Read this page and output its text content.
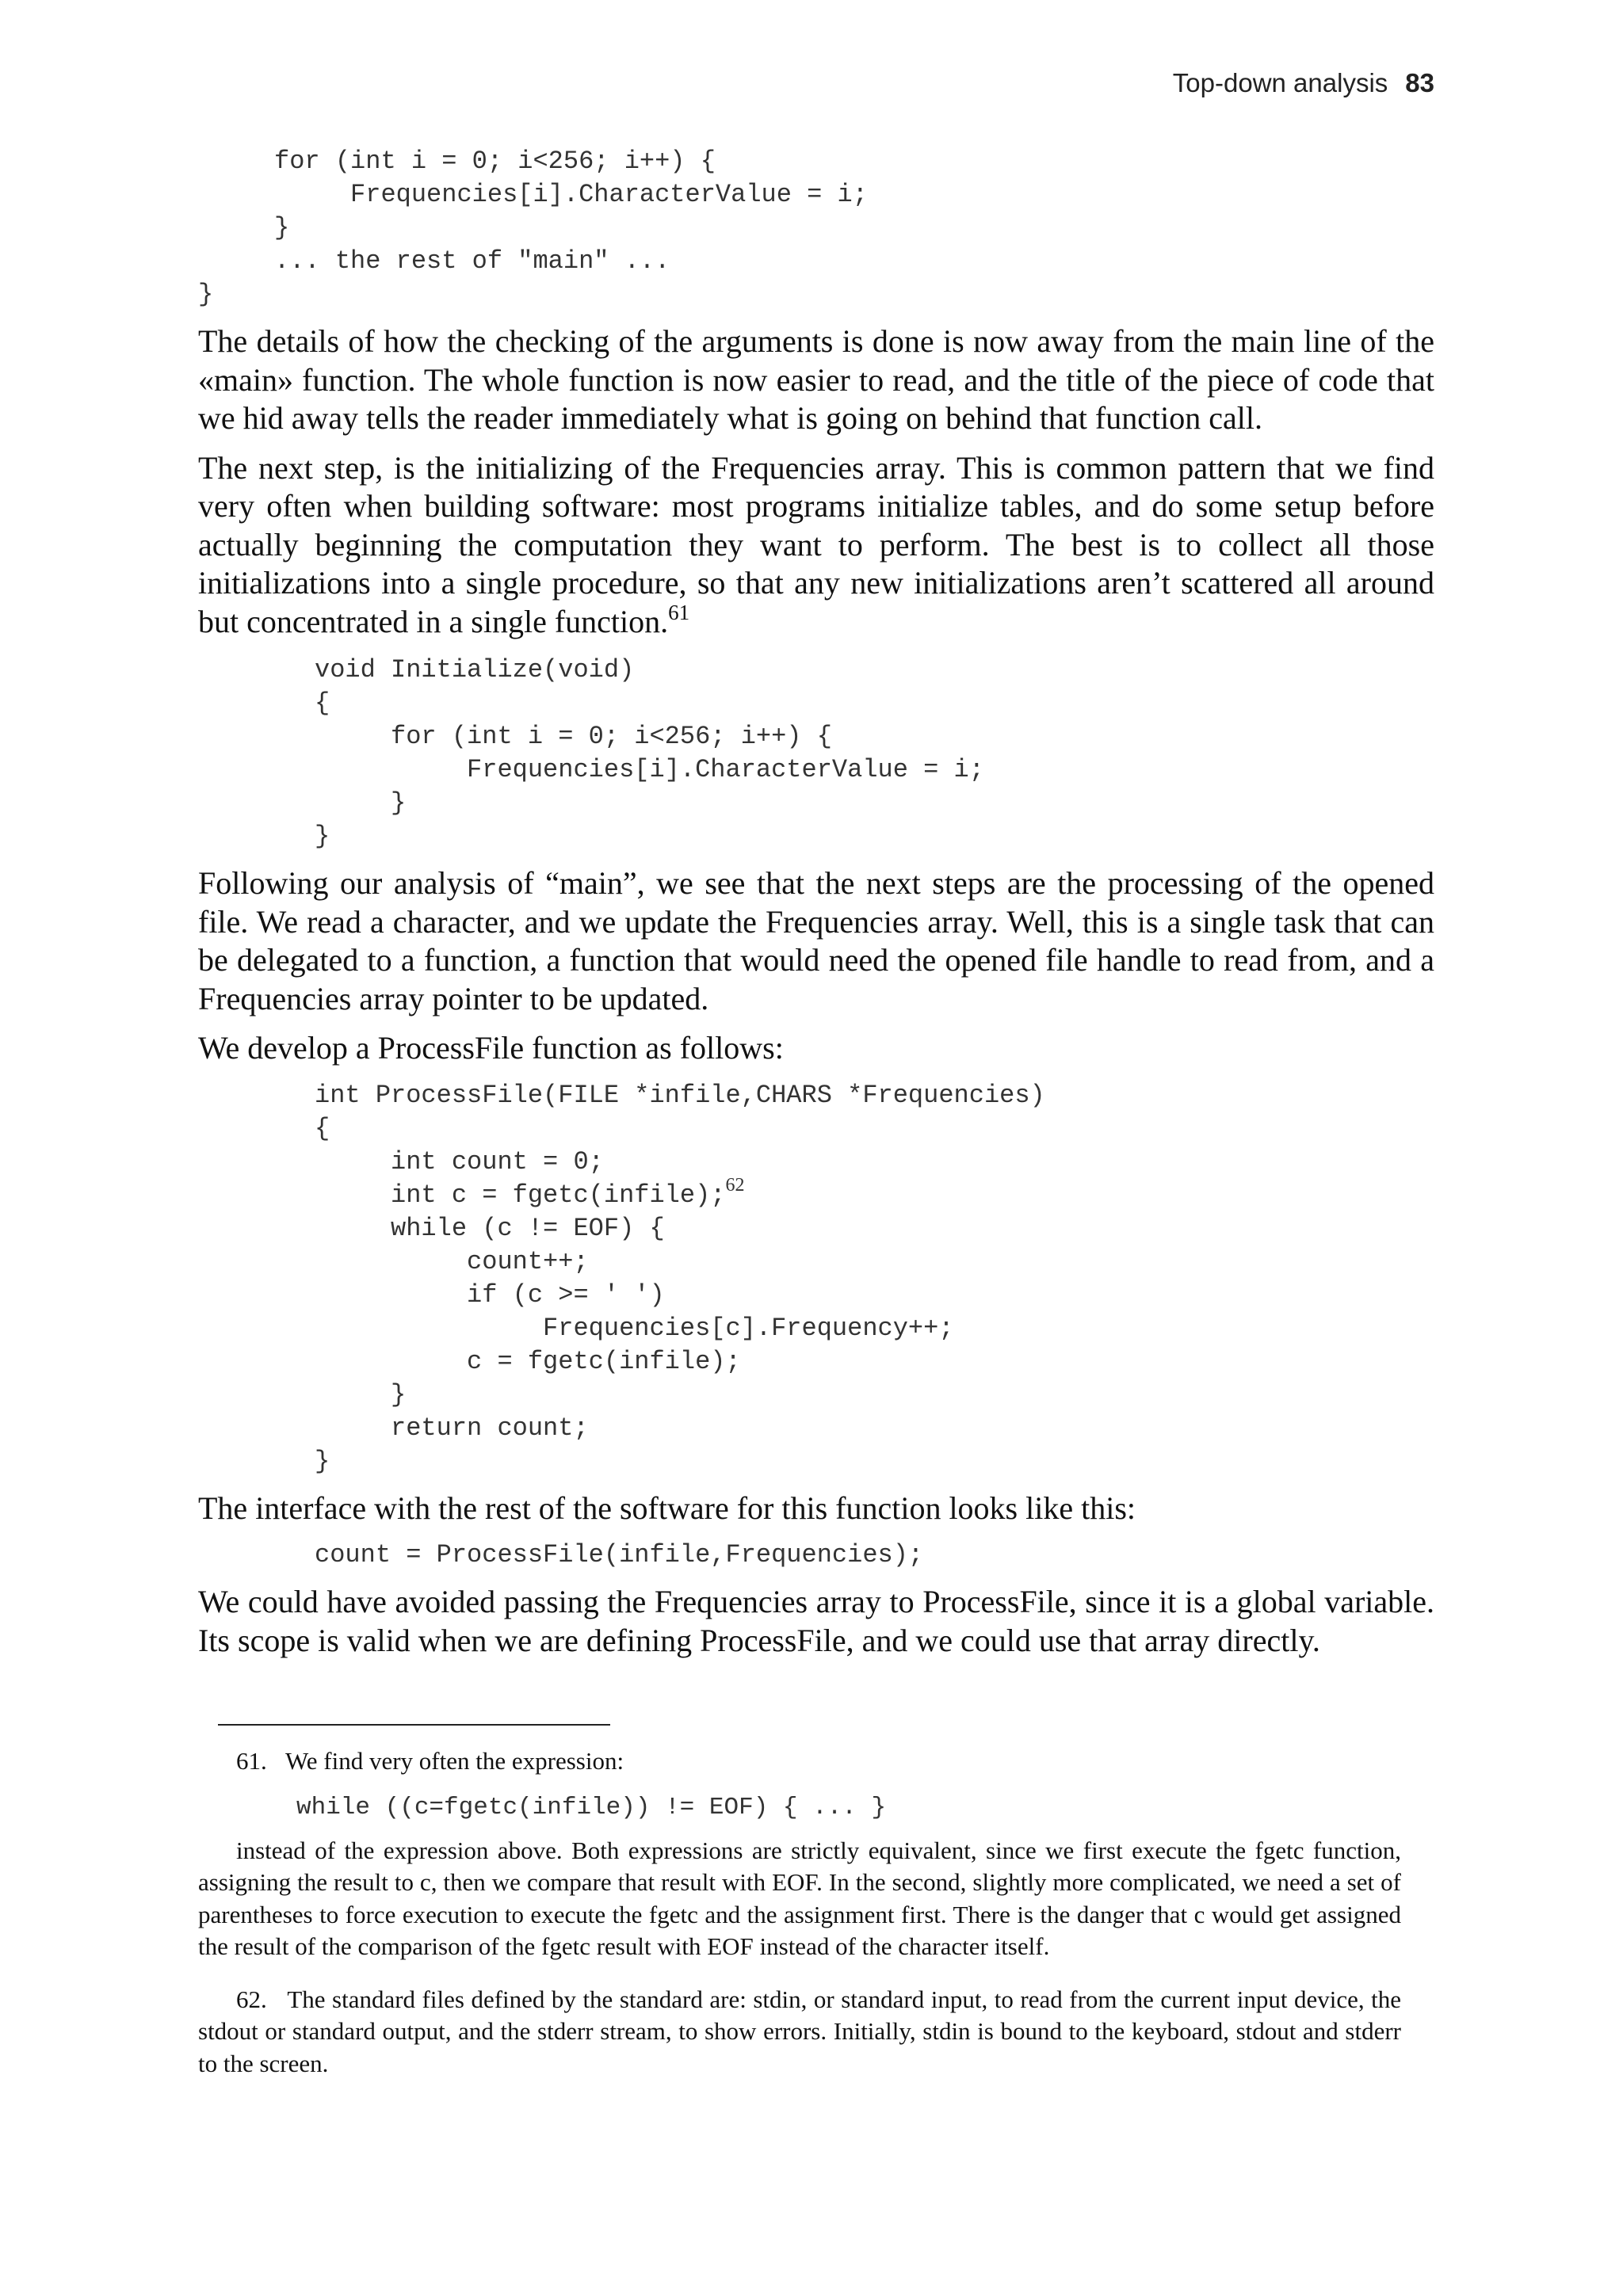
Top-down analysis 83
for (int i = 0; i<256; i++) {
Frequencies[i].CharacterValue = i;
}
... the rest of "main" ...
}

The details of how the checking of the arguments is done is now away from the main line of the «main» function. The whole function is now easier to read, and the title of the piece of code that we hid away tells the reader immediately what is going on behind that function call.

The next step, is the initializing of the Frequencies array. This is common pattern that we find very often when building software: most programs initialize tables, and do some setup before actually beginning the computation they want to perform. The best is to collect all those initializations into a single procedure, so that any new initializations aren’t scattered all around but concentrated in a single function.$^{61}$

void Initialize(void)
{
for (int i = 0; i<256; i++) {
Frequencies[i].CharacterValue = i;
}
}

Following our analysis of “main”, we see that the next steps are the processing of the opened file. We read a character, and we update the Frequencies array. Well, this is a single task that can be delegated to a function, a function that would need the opened file handle to read from, and a Frequencies array pointer to be updated.

We develop a ProcessFile function as follows:

int ProcessFile(FILE *infile,CHARS *Frequencies)
{
int count = 0;
int c = fgetc(infile);$^{62}$
while (c != EOF) {
count++;
if (c >= ' ')
Frequencies[c].Frequency++;
c = fgetc(infile);
}
return count;
}

The interface with the rest of the software for this function looks like this:

count = ProcessFile(infile,Frequencies);

We could have avoided passing the Frequencies array to ProcessFile, since it is a global variable. Its scope is valid when we are defining ProcessFile, and we could use that array directly.

61. We find very often the expression:

while ((c=fgetc(infile)) != EOF) { ... }

instead of the expression above. Both expressions are strictly equivalent, since we first execute the fgetc function, assigning the result to c, then we compare that result with EOF. In the second, slightly more complicated, we need a set of parentheses to force execution to execute the fgetc and the assignment first. There is the danger that c would get assigned the result of the comparison of the fgetc result with EOF instead of the character itself.

62. The standard files defined by the standard are: stdin, or standard input, to read from the current input device, the stdout or standard output, and the stderr stream, to show errors. Initially, stdin is bound to the keyboard, stdout and stderr to the screen.
